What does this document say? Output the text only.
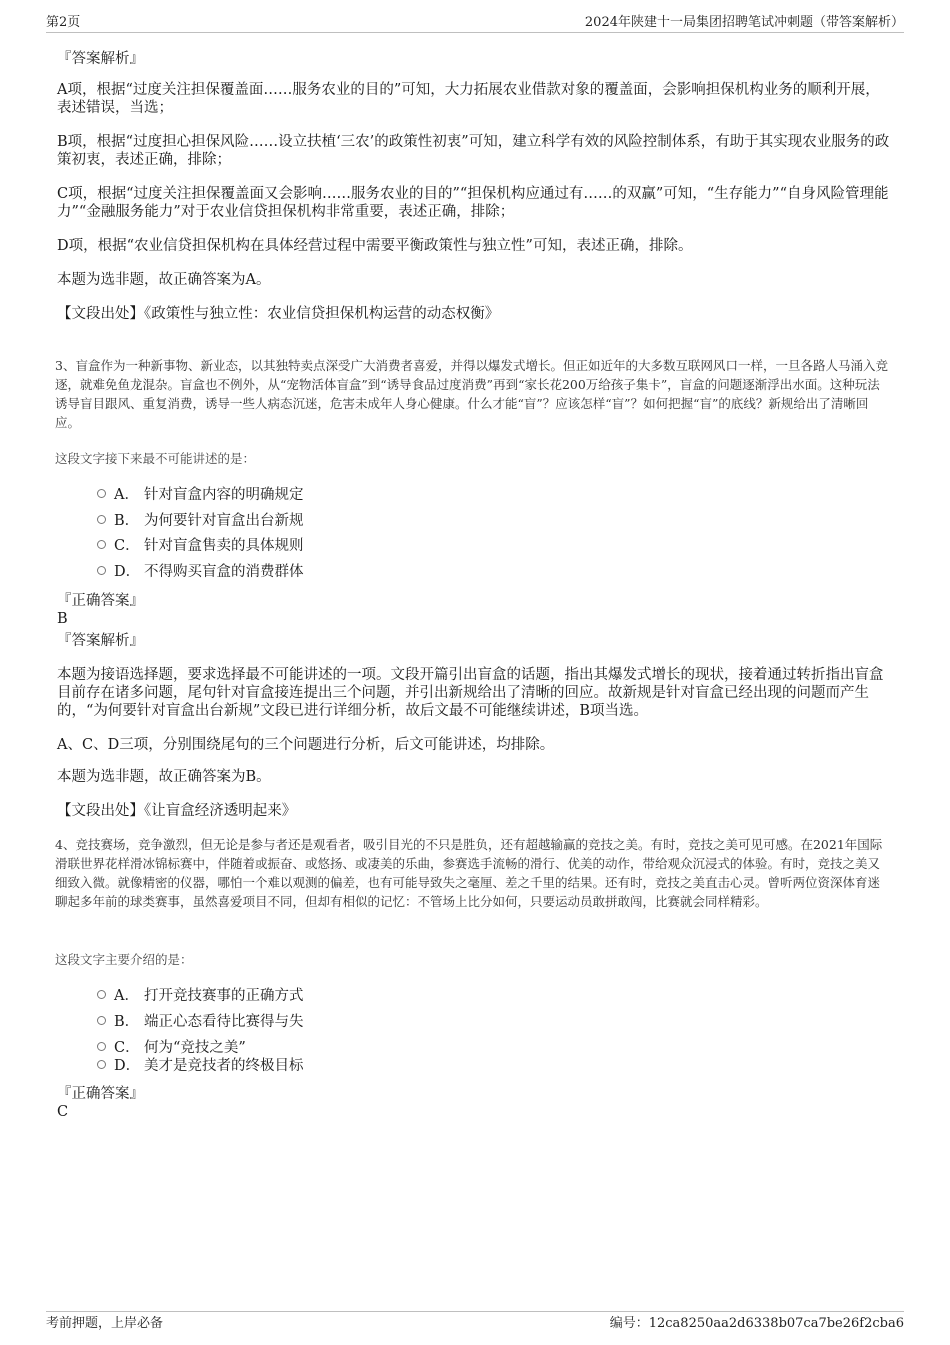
第2页	2024年陕建十一局集团招聘笔试冲刺题（带答案解析）
『答案解析』

A项，根据“过度关注担保覆盖面……服务农业的目的”可知，大力拓展农业借款对象的覆盖面，会影响担保机构业务的顺利开展，表述错误，当选；

B项，根据“过度担心担保风险……设立扶植‘三农’的政策性初衷”可知，建立科学有效的风险控制体系，有助于其实现农业服务的政策初衷，表述正确，排除；

C项，根据“过度关注担保覆盖面又会影响……服务农业的目的”“担保机构应通过有……的双赢”可知，“生存能力”“自身风险管理能力”“金融服务能力”对于农业信贷担保机构非常重要，表述正确，排除；

D项，根据“农业信贷担保机构在具体经营过程中需要平衡政策性与独立性”可知，表述正确，排除。

本题为选非题，故正确答案为A。

【文段出处】《政策性与独立性：农业信贷担保机构运营的动态权衡》

3、盲盒作为一种新事物、新业态，以其独特卖点深受广大消费者喜爱，并得以爆发式增长。但正如近年的大多数互联网风口一样，一旦各路人马涌入竞逐，就难免鱼龙混杂。盲盒也不例外，从“宠物活体盲盒”到“诱导食品过度消费”再到“家长花200万给孩子集卡”，盲盒的问题逐渐浮出水面。这种玩法诱导盲目跟风、重复消费，诱导一些人病态沉迷，危害未成年人身心健康。什么才能“盲”？应该怎样“盲”？如何把握“盲”的底线？新规给出了清晰回应。

这段文字接下来最不可能讲述的是：

A． 针对盲盒内容的明确规定
B． 为何要针对盲盒出台新规
C． 针对盲盒售卖的具体规则
D． 不得购买盲盒的消费群体
『正确答案』
B
『答案解析』

本题为接语选择题，要求选择最不可能讲述的一项。文段开篇引出盲盒的话题，指出其爆发式增长的现状，接着通过转折指出盲盒目前存在诸多问题，尾句针对盲盒接连提出三个问题，并引出新规给出了清晰的回应。故新规是针对盲盒已经出现的问题而产生的，“为何要针对盲盒出台新规”文段已进行详细分析，故后文最不可能继续讲述，B项当选。

A、C、D三项，分别围绕尾句的三个问题进行分析，后文可能讲述，均排除。

本题为选非题，故正确答案为B。

【文段出处】《让盲盒经济透明起来》

4、竞技赛场，竞争激烈，但无论是参与者还是观看者，吸引目光的不只是胜负，还有超越输赢的竞技之美。有时，竞技之美可见可感。在2021年国际滑联世界花样滑冰锦标赛中，伴随着或振奋、或悠扬、或凄美的乐曲，参赛选手流畅的滑行、优美的动作，带给观众沉浸式的体验。有时，竞技之美又细致入微。就像精密的仪器，哪怕一个难以观测的偏差，也有可能导致失之毫厘、差之千里的结果。还有时，竞技之美直击心灵。曾听两位资深体育迷聊起多年前的球类赛事，虽然喜爱项目不同，但却有相似的记忆：不管场上比分如何，只要运动员敢拼敢闯，比赛就会同样精彩。

这段文字主要介绍的是：

A． 打开竞技赛事的正确方式
B． 端正心态看待比赛得与失
C． 何为“竞技之美”
D． 美才是竞技者的终极目标
『正确答案』
C
考前押题，上岸必备	编号：12ca8250aa2d6338b07ca7be26f2cba6
